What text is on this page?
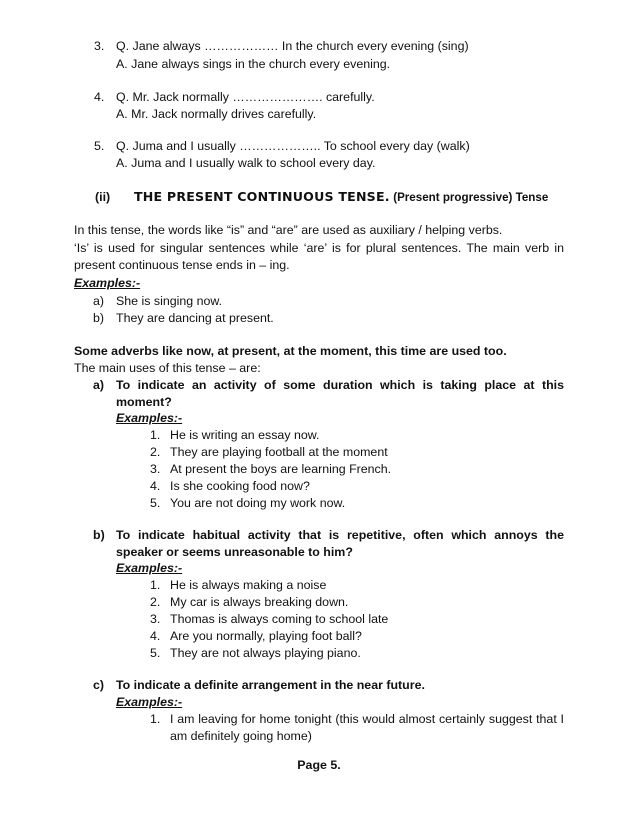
3. Q. Jane always ……………… In the church every evening (sing)
A. Jane always sings in the church every evening.
4. Q. Mr. Jack normally …………………. carefully.
A. Mr. Jack normally drives carefully.
5. Q. Juma and I usually ……………….. To school every day (walk)
A. Juma and I usually walk to school every day.
(ii) THE PRESENT CONTINUOUS TENSE. (Present progressive) Tense
In this tense, the words like “is” and “are” are used as auxiliary / helping verbs.
‘Is’ is used for singular sentences while ‘are’ is for plural sentences. The main verb in present continuous tense ends in – ing.
Examples:-
a) She is singing now.
b) They are dancing at present.
Some adverbs like now, at present, at the moment, this time are used too.
The main uses of this tense – are:
a) To indicate an activity of some duration which is taking place at this moment?
Examples:-
1. He is writing an essay now.
2. They are playing football at the moment
3. At present the boys are learning French.
4. Is she cooking food now?
5. You are not doing my work now.
b) To indicate habitual activity that is repetitive, often which annoys the speaker or seems unreasonable to him?
Examples:-
1. He is always making a noise
2. My car is always breaking down.
3. Thomas is always coming to school late
4. Are you normally, playing foot ball?
5. They are not always playing piano.
c) To indicate a definite arrangement in the near future.
Examples:-
1. I am leaving for home tonight (this would almost certainly suggest that I am definitely going home)
Page 5.
